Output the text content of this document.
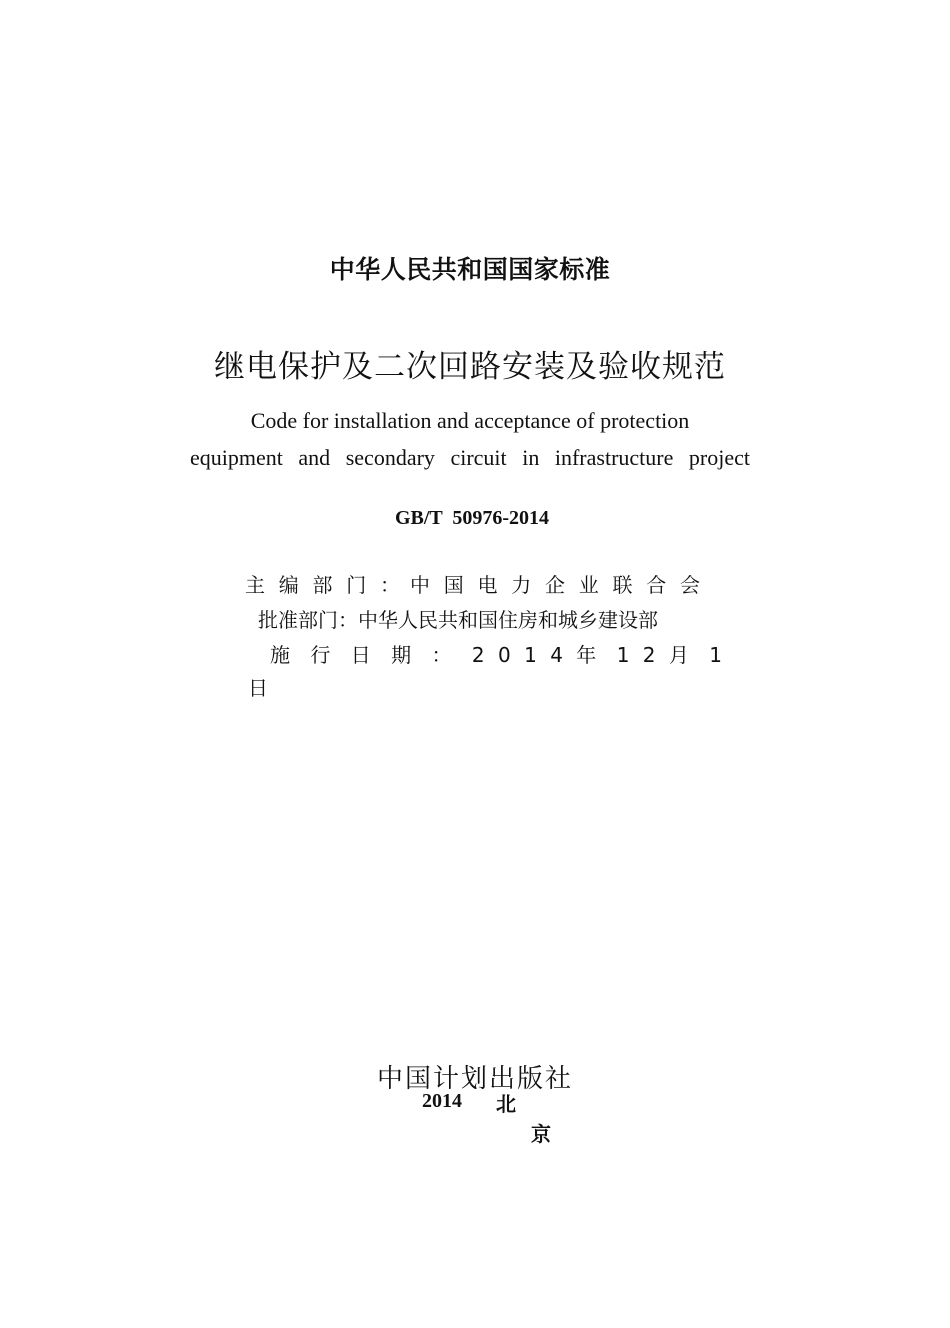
中华人民共和国国家标准
继电保护及二次回路安装及验收规范
Code for installation and acceptance of protection
equipment and secondary circuit in infrastructure project
GB/T  50976-2014
主编部门： 中国电力企业联合会
批准部门：中华人民共和国住房和城乡建设部
施 行 日 期 ： 2 0 1 4 年 1 2 月 1
日
中国计划出版社
2014 北
京
